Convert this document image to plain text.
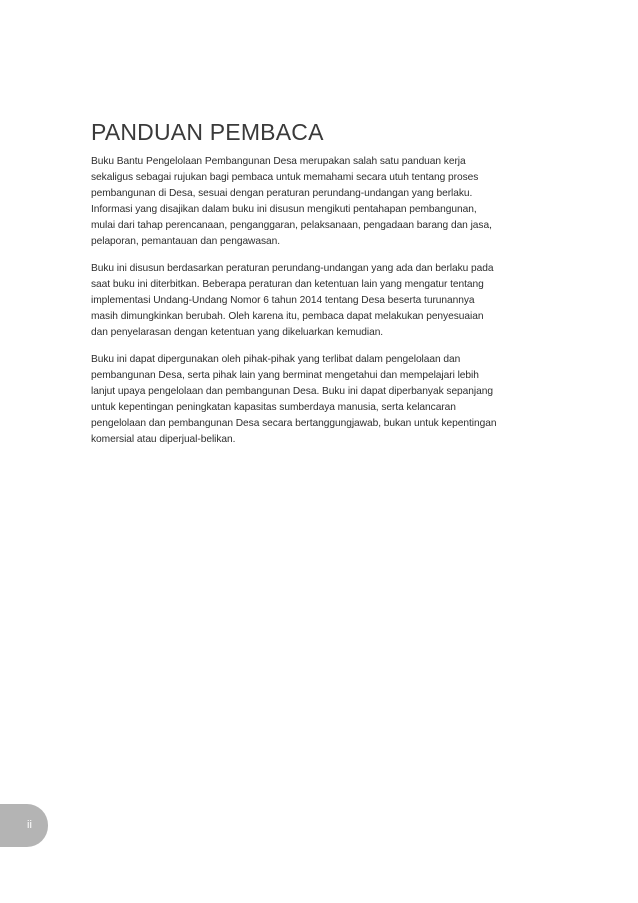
PANDUAN PEMBACA

Buku Bantu Pengelolaan Pembangunan Desa merupakan salah satu panduan kerja
sekaligus sebagai rujukan bagi pembaca untuk memahami secara utuh tentang proses
pembangunan di Desa, sesuai dengan peraturan perundang-undangan yang berlaku.
Informasi yang disajikan dalam buku ini disusun mengikuti pentahapan pembangunan,
mulai dari tahap perencanaan, penganggaran, pelaksanaan, pengadaan barang dan jasa,
pelaporan, pemantauan dan pengawasan.

Buku ini disusun berdasarkan peraturan perundang-undangan yang ada dan berlaku pada
saat buku ini diterbitkan. Beberapa peraturan dan ketentuan lain yang mengatur tentang
implementasi Undang-Undang Nomor 6 tahun 2014 tentang Desa beserta turunannya
masih dimungkinkan berubah. Oleh karena itu, pembaca dapat melakukan penyesuaian
dan penyelarasan dengan ketentuan yang dikeluarkan kemudian.

Buku ini dapat dipergunakan oleh pihak-pihak yang terlibat dalam pengelolaan dan
pembangunan Desa, serta pihak lain yang berminat mengetahui dan mempelajari lebih
lanjut upaya pengelolaan dan pembangunan Desa. Buku ini dapat diperbanyak sepanjang
untuk kepentingan peningkatan kapasitas sumberdaya manusia, serta kelancaran
pengelolaan dan pembangunan Desa secara bertanggungjawab, bukan untuk kepentingan
komersial atau diperjual-belikan.

ii
